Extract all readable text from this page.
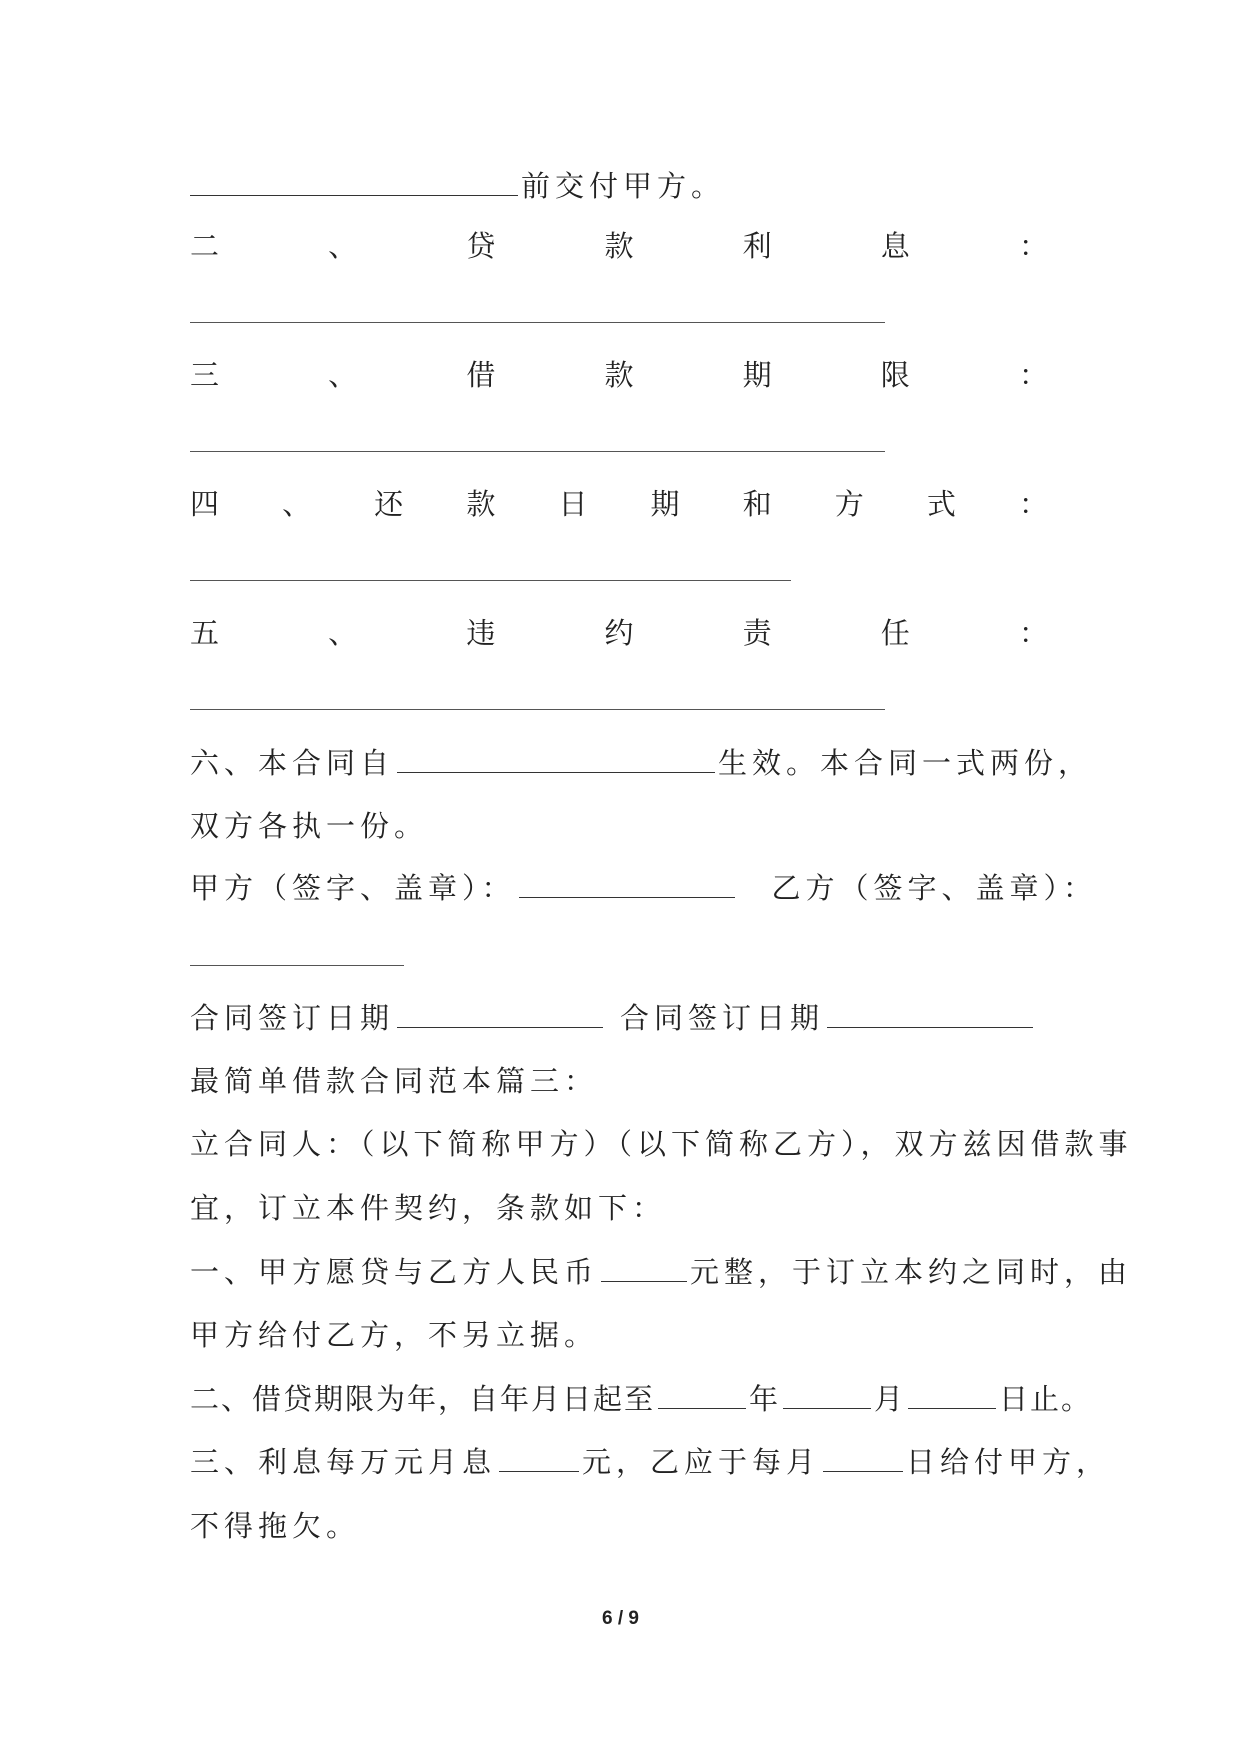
前交付甲方。
二	、	贷	款	利	息	：
三	、	借	款	期	限	：
四 、 还 款 日 期 和 方 式 ：
五	、	违	约	责	任	：
六、本合同自	生效。本合同一式两份，
双方各执一份。
甲方（签字、盖章）：	乙方（签字、盖章）：
合同签订日期	合同签订日期
最简单借款合同范本篇三：
立合同人：（以下简称甲方）（以下简称乙方），双方兹因借款事
宜，订立本件契约，条款如下：
一、甲方愿贷与乙方人民币	元整，于订立本约之同时，由
甲方给付乙方，不另立据。
二、借贷期限为年，自年月日起至	年	月	日止。
三、利息每万元月息	元，乙应于每月	日给付甲方，
不得拖欠。
6 / 9
